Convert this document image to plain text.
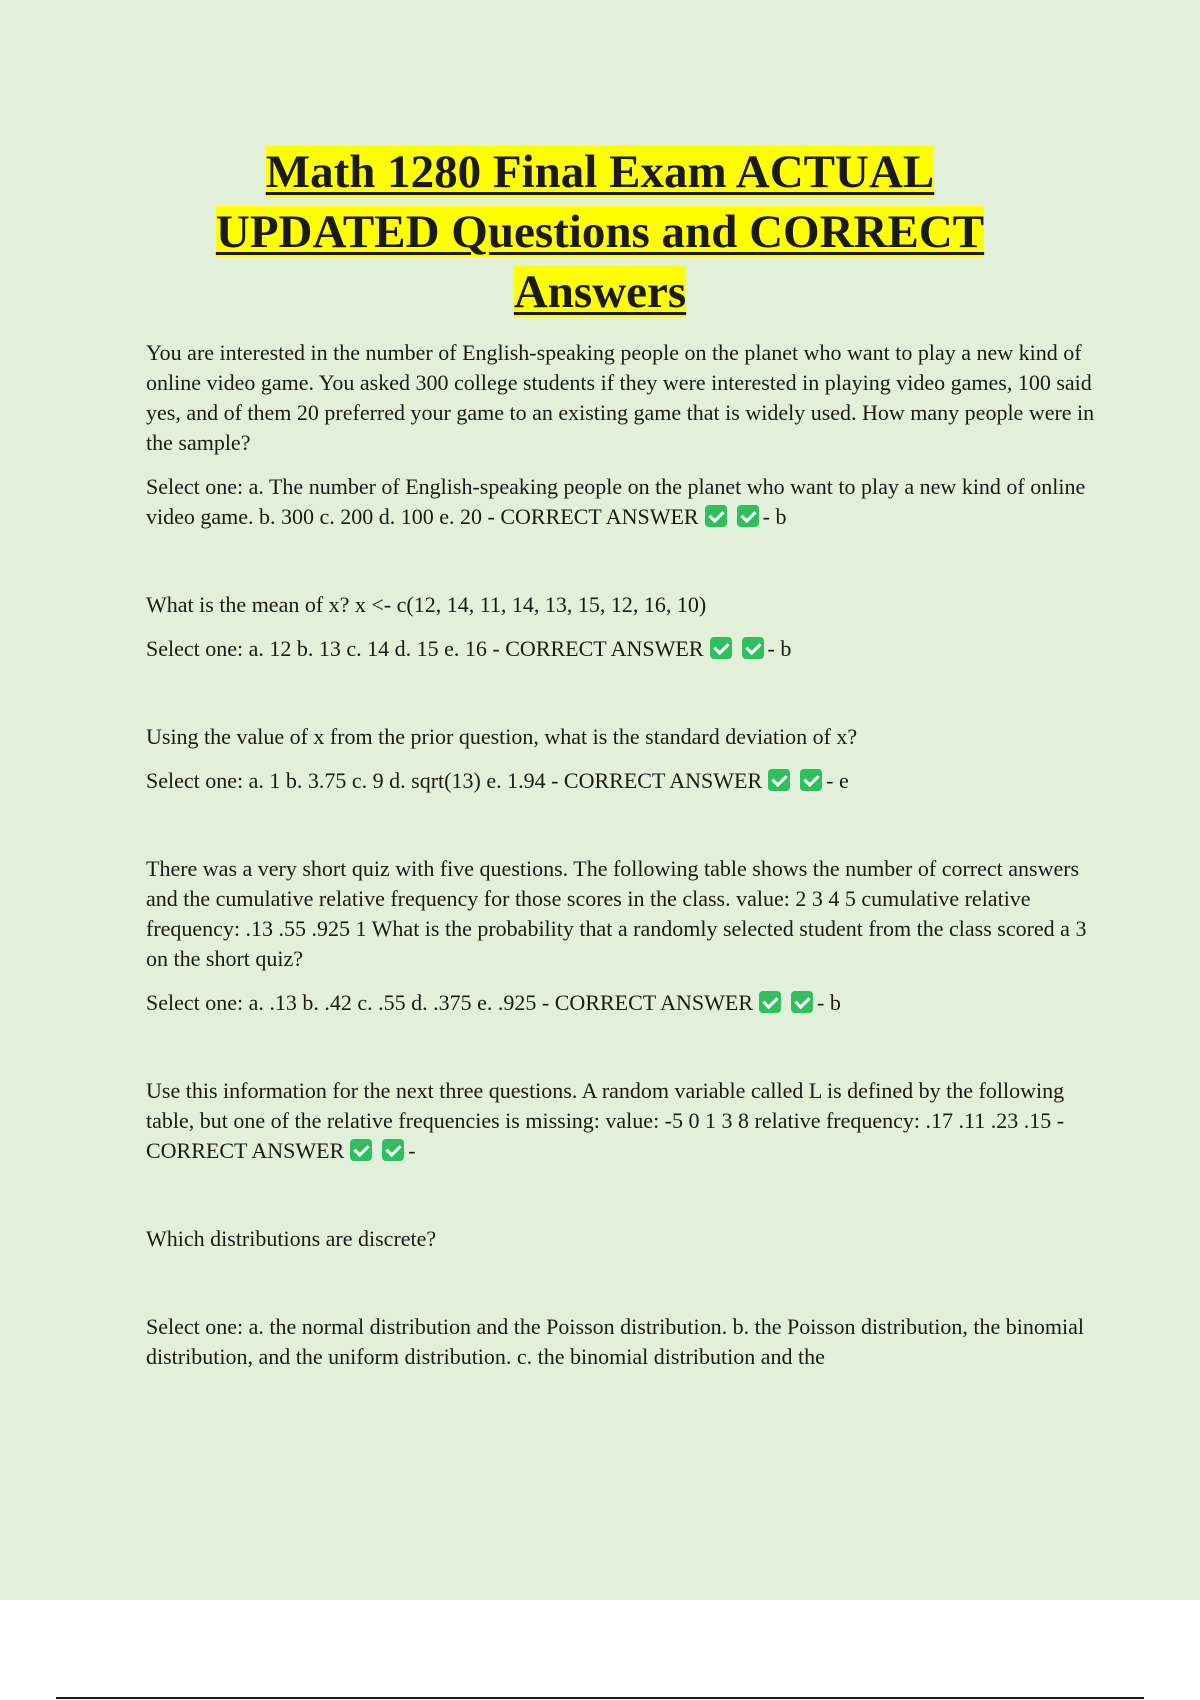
Math 1280 Final Exam ACTUAL
UPDATED Questions and CORRECT
Answers

You are interested in the number of English-speaking people on the planet who want to play a new kind of online video game. You asked 300 college students if they were interested in playing video games, 100 said yes, and of them 20 preferred your game to an existing game that is widely used. How many people were in the sample?

Select one: a. The number of English-speaking people on the planet who want to play a new kind of online video game. b. 300 c. 200 d. 100 e. 20 - CORRECT ANSWER	- b

What is the mean of x? x <- c(12, 14, 11, 14, 13, 15, 12, 16, 10)

Select one: a. 12 b. 13 c. 14 d. 15 e. 16 - CORRECT ANSWER	- b

Using the value of x from the prior question, what is the standard deviation of x?

Select one: a. 1 b. 3.75 c. 9 d. sqrt(13) e. 1.94 - CORRECT ANSWER	- e

There was a very short quiz with five questions. The following table shows the number of correct answers and the cumulative relative frequency for those scores in the class. value: 2 3 4 5 cumulative relative frequency: .13 .55 .925 1 What is the probability that a randomly selected student from the class scored a 3 on the short quiz?

Select one: a. .13 b. .42 c. .55 d. .375 e. .925 - CORRECT ANSWER	- b

Use this information for the next three questions. A random variable called L is defined by the following table, but one of the relative frequencies is missing: value: -5 0 1 3 8 relative frequency: .17 .11 .23 .15 - CORRECT ANSWER	-

Which distributions are discrete?

Select one: a. the normal distribution and the Poisson distribution. b. the Poisson distribution, the binomial distribution, and the uniform distribution. c. the binomial distribution and the
